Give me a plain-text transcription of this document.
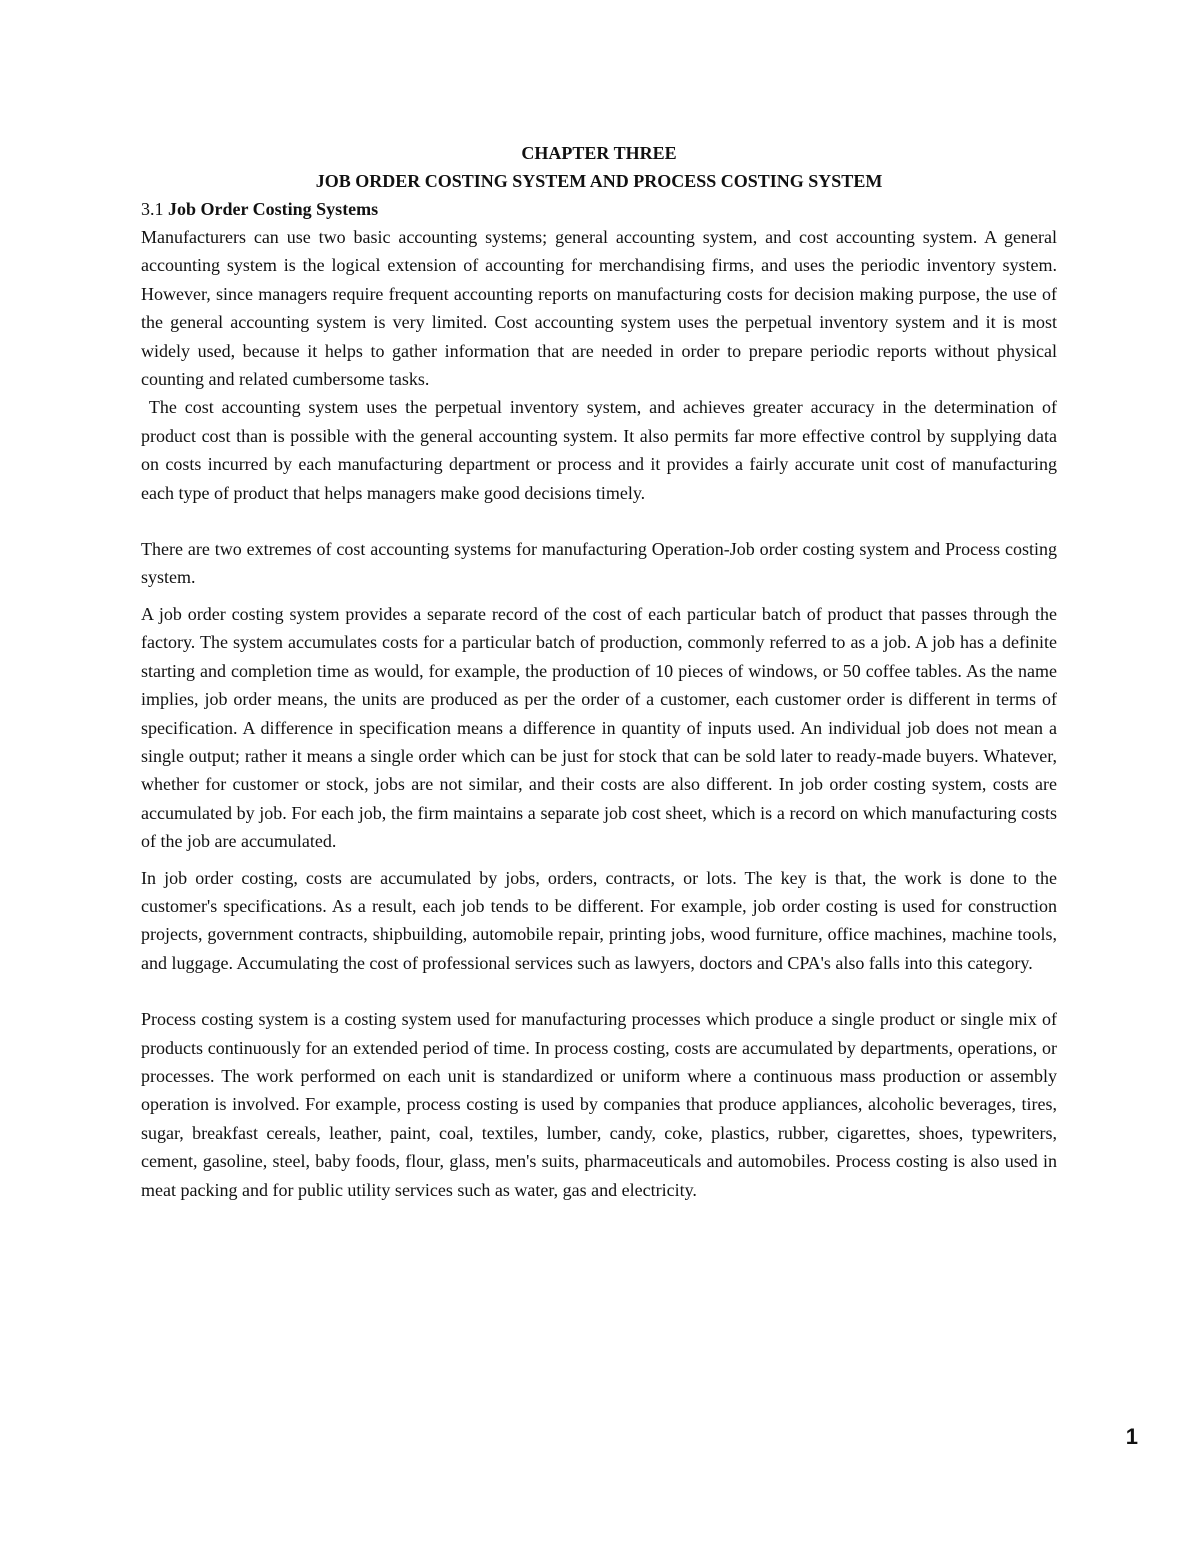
CHAPTER THREE
JOB ORDER COSTING SYSTEM AND PROCESS COSTING SYSTEM
3.1 Job Order Costing Systems

Manufacturers can use two basic accounting systems; general accounting system, and cost accounting system. A general accounting system is the logical extension of accounting for merchandising firms, and uses the periodic inventory system. However, since managers require frequent accounting reports on manufacturing costs for decision making purpose, the use of the general accounting system is very limited. Cost accounting system uses the perpetual inventory system and it is most widely used, because it helps to gather information that are needed in order to prepare periodic reports without physical counting and related cumbersome tasks.

The cost accounting system uses the perpetual inventory system, and achieves greater accuracy in the determination of product cost than is possible with the general accounting system. It also permits far more effective control by supplying data on costs incurred by each manufacturing department or process and it provides a fairly accurate unit cost of manufacturing each type of product that helps managers make good decisions timely.

There are two extremes of cost accounting systems for manufacturing Operation-Job order costing system and Process costing system.

A job order costing system provides a separate record of the cost of each particular batch of product that passes through the factory. The system accumulates costs for a particular batch of production, commonly referred to as a job. A job has a definite starting and completion time as would, for example, the production of 10 pieces of windows, or 50 coffee tables. As the name implies, job order means, the units are produced as per the order of a customer, each customer order is different in terms of specification. A difference in specification means a difference in quantity of inputs used. An individual job does not mean a single output; rather it means a single order which can be just for stock that can be sold later to ready-made buyers. Whatever, whether for customer or stock, jobs are not similar, and their costs are also different. In job order costing system, costs are accumulated by job. For each job, the firm maintains a separate job cost sheet, which is a record on which manufacturing costs of the job are accumulated.

In job order costing, costs are accumulated by jobs, orders, contracts, or lots. The key is that, the work is done to the customer's specifications. As a result, each job tends to be different. For example, job order costing is used for construction projects, government contracts, shipbuilding, automobile repair, printing jobs, wood furniture, office machines, machine tools, and luggage. Accumulating the cost of professional services such as lawyers, doctors and CPA's also falls into this category.

Process costing system is a costing system used for manufacturing processes which produce a single product or single mix of products continuously for an extended period of time. In process costing, costs are accumulated by departments, operations, or processes. The work performed on each unit is standardized or uniform where a continuous mass production or assembly operation is involved. For example, process costing is used by companies that produce appliances, alcoholic beverages, tires, sugar, breakfast cereals, leather, paint, coal, textiles, lumber, candy, coke, plastics, rubber, cigarettes, shoes, typewriters, cement, gasoline, steel, baby foods, flour, glass, men's suits, pharmaceuticals and automobiles. Process costing is also used in meat packing and for public utility services such as water, gas and electricity.

1
